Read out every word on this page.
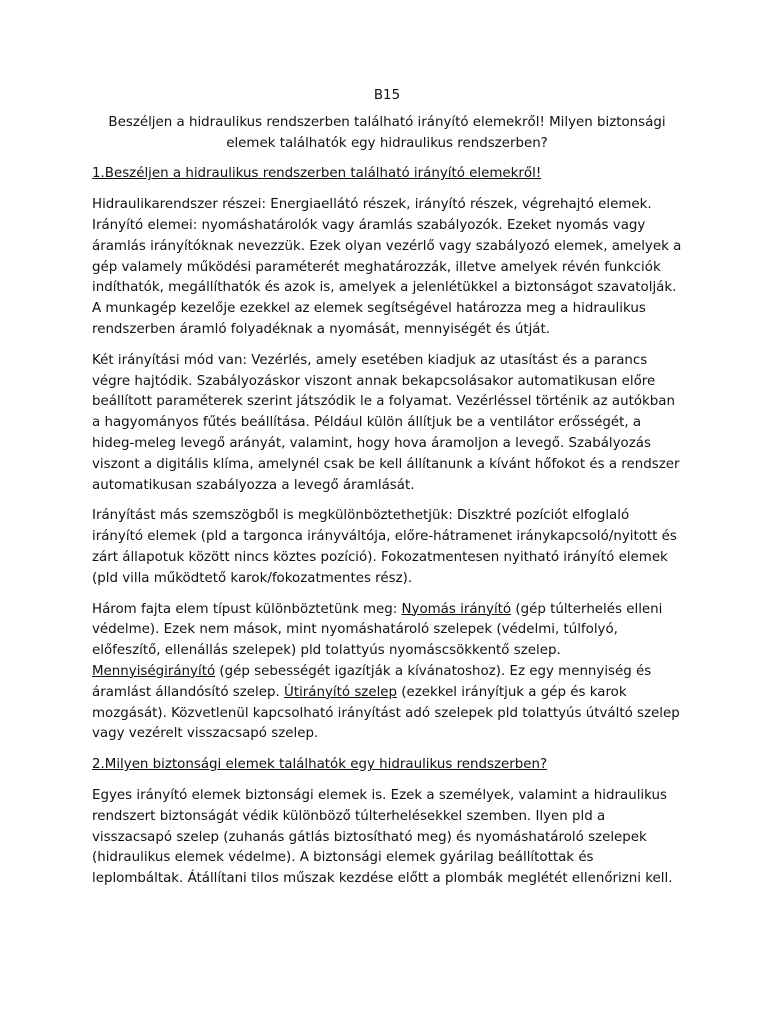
B15
Beszéljen a hidraulikus rendszerben található irányító elemekről! Milyen biztonsági elemek találhatók egy hidraulikus rendszerben?
1.Beszéljen a hidraulikus rendszerben található irányító elemekről!

Hidraulikarendszer részei: Energiaellátó részek, irányító részek, végrehajtó elemek. Irányító elemei: nyomáshatárolók vagy áramlás szabályozók. Ezeket nyomás vagy áramlás irányítóknak nevezzük. Ezek olyan vezérlő vagy szabályozó elemek, amelyek a gép valamely működési paraméterét meghatározzák, illetve amelyek révén funkciók indíthatók, megállíthatók és azok is, amelyek a jelenlétükkel a biztonságot szavatolják. A munkagép kezelője ezekkel az elemek segítségével határozza meg a hidraulikus rendszerben áramló folyadéknak a nyomását, mennyiségét és útját.

Két irányítási mód van: Vezérlés, amely esetében kiadjuk az utasítást és a parancs végre hajtódik. Szabályozáskor viszont annak bekapcsolásakor automatikusan előre beállított paraméterek szerint játszódik le a folyamat. Vezérléssel történik az autókban a hagyományos fűtés beállítása. Például külön állítjuk be a ventilátor erősségét, a hideg-meleg levegő arányát, valamint, hogy hova áramoljon a levegő. Szabályozás viszont a digitális klíma, amelynél csak be kell állítanunk a kívánt hőfokot és a rendszer automatikusan szabályozza a levegő áramlását.

Irányítást más szemszögből is megkülönböztethetjük: Diszktré pozíciót elfoglaló irányító elemek (pld a targonca irányváltója, előre-hátramenet iránykapcsoló/nyitott és zárt állapotuk között nincs köztes pozíció). Fokozatmentesen nyitható irányító elemek (pld villa működtető karok/fokozatmentes rész).

Három fajta elem típust különböztetünk meg: Nyomás irányító (gép túlterhelés elleni védelme). Ezek nem mások, mint nyomáshatároló szelepek (védelmi, túlfolyó, előfeszítő, ellenállás szelepek) pld tolattyús nyomáscsökkentő szelep. Mennyiségirányító (gép sebességét igazítják a kívánatoshoz). Ez egy mennyiség és áramlást állandósító szelep. Útirányító szelep (ezekkel irányítjuk a gép és karok mozgását). Közvetlenül kapcsolható irányítást adó szelepek pld tolattyús útváltó szelep vagy vezérelt visszacsapó szelep.

2.Milyen biztonsági elemek találhatók egy hidraulikus rendszerben?

Egyes irányító elemek biztonsági elemek is. Ezek a személyek, valamint a hidraulikus rendszert biztonságát védik különböző túlterhelésekkel szemben. Ilyen pld a visszacsapó szelep (zuhanás gátlás biztosítható meg) és nyomáshatároló szelepek (hidraulikus elemek védelme). A biztonsági elemek gyárilag beállítottak és leplombáltak. Átállítani tilos műszak kezdése előtt a plombák meglétét ellenőrizni kell.
